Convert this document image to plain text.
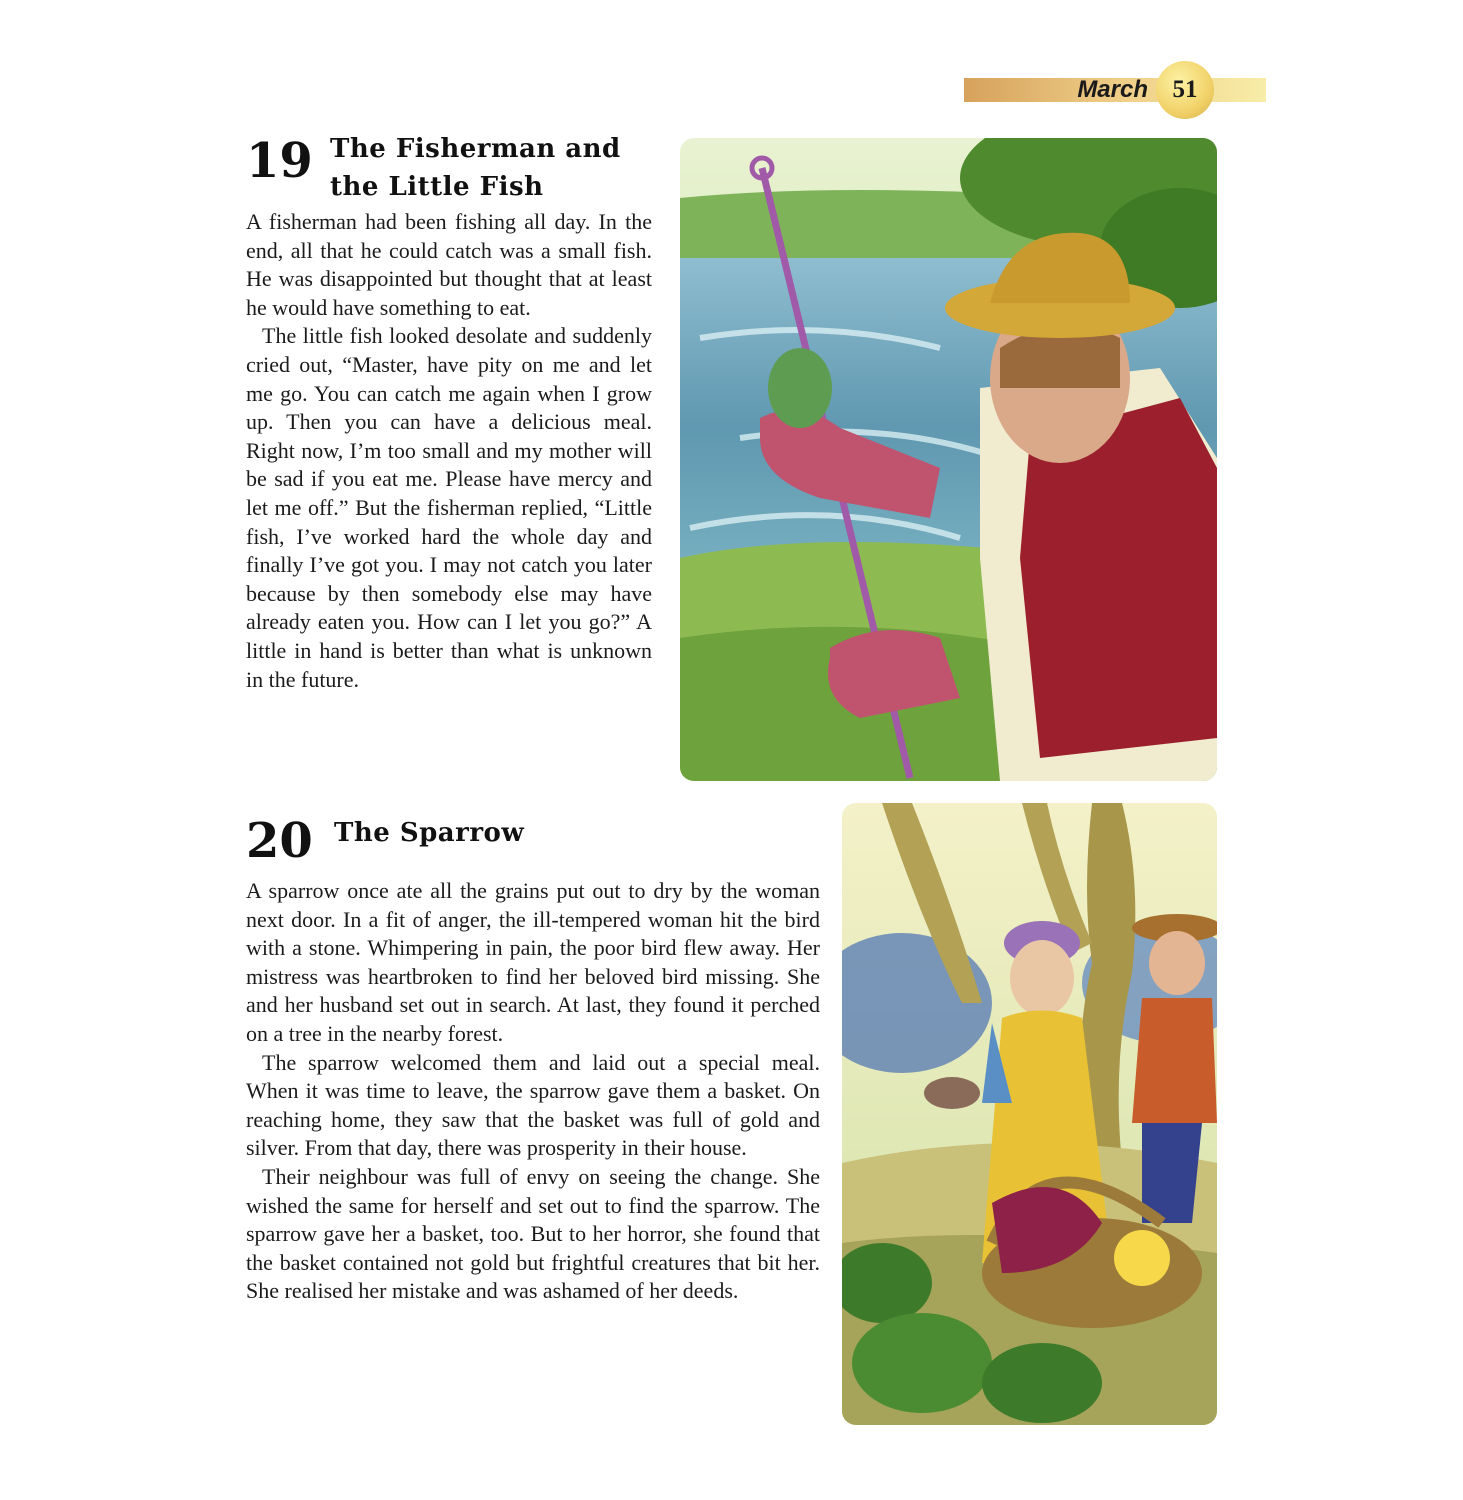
March 51
19 The Fisherman and
the Little Fish

A fisherman had been fishing all day. In the end, all that he could catch was a small fish. He was disappointed but thought that at least he would have something to eat.

The little fish looked desolate and suddenly cried out, “Master, have pity on me and let me go. You can catch me again when I grow up. Then you can have a delicious meal. Right now, I’m too small and my mother will be sad if you eat me. Please have mercy and let me off.” But the fisherman replied, “Little fish, I’ve worked hard the whole day and finally I’ve got you. I may not catch you later because by then somebody else may have already eaten you. How can I let you go?” A little in hand is better than what is unknown in the future.

20 The Sparrow

A sparrow once ate all the grains put out to dry by the woman next door. In a fit of anger, the ill-tempered woman hit the bird with a stone. Whimpering in pain, the poor bird flew away. Her mistress was heartbroken to find her beloved bird missing. She and her husband set out in search. At last, they found it perched on a tree in the nearby forest.

The sparrow welcomed them and laid out a special meal. When it was time to leave, the sparrow gave them a basket. On reaching home, they saw that the basket was full of gold and silver. From that day, there was prosperity in their house.

Their neighbour was full of envy on seeing the change. She wished the same for herself and set out to find the sparrow. The sparrow gave her a basket, too. But to her horror, she found that the basket contained not gold but frightful creatures that bit her. She realised her mistake and was ashamed of her deeds.
